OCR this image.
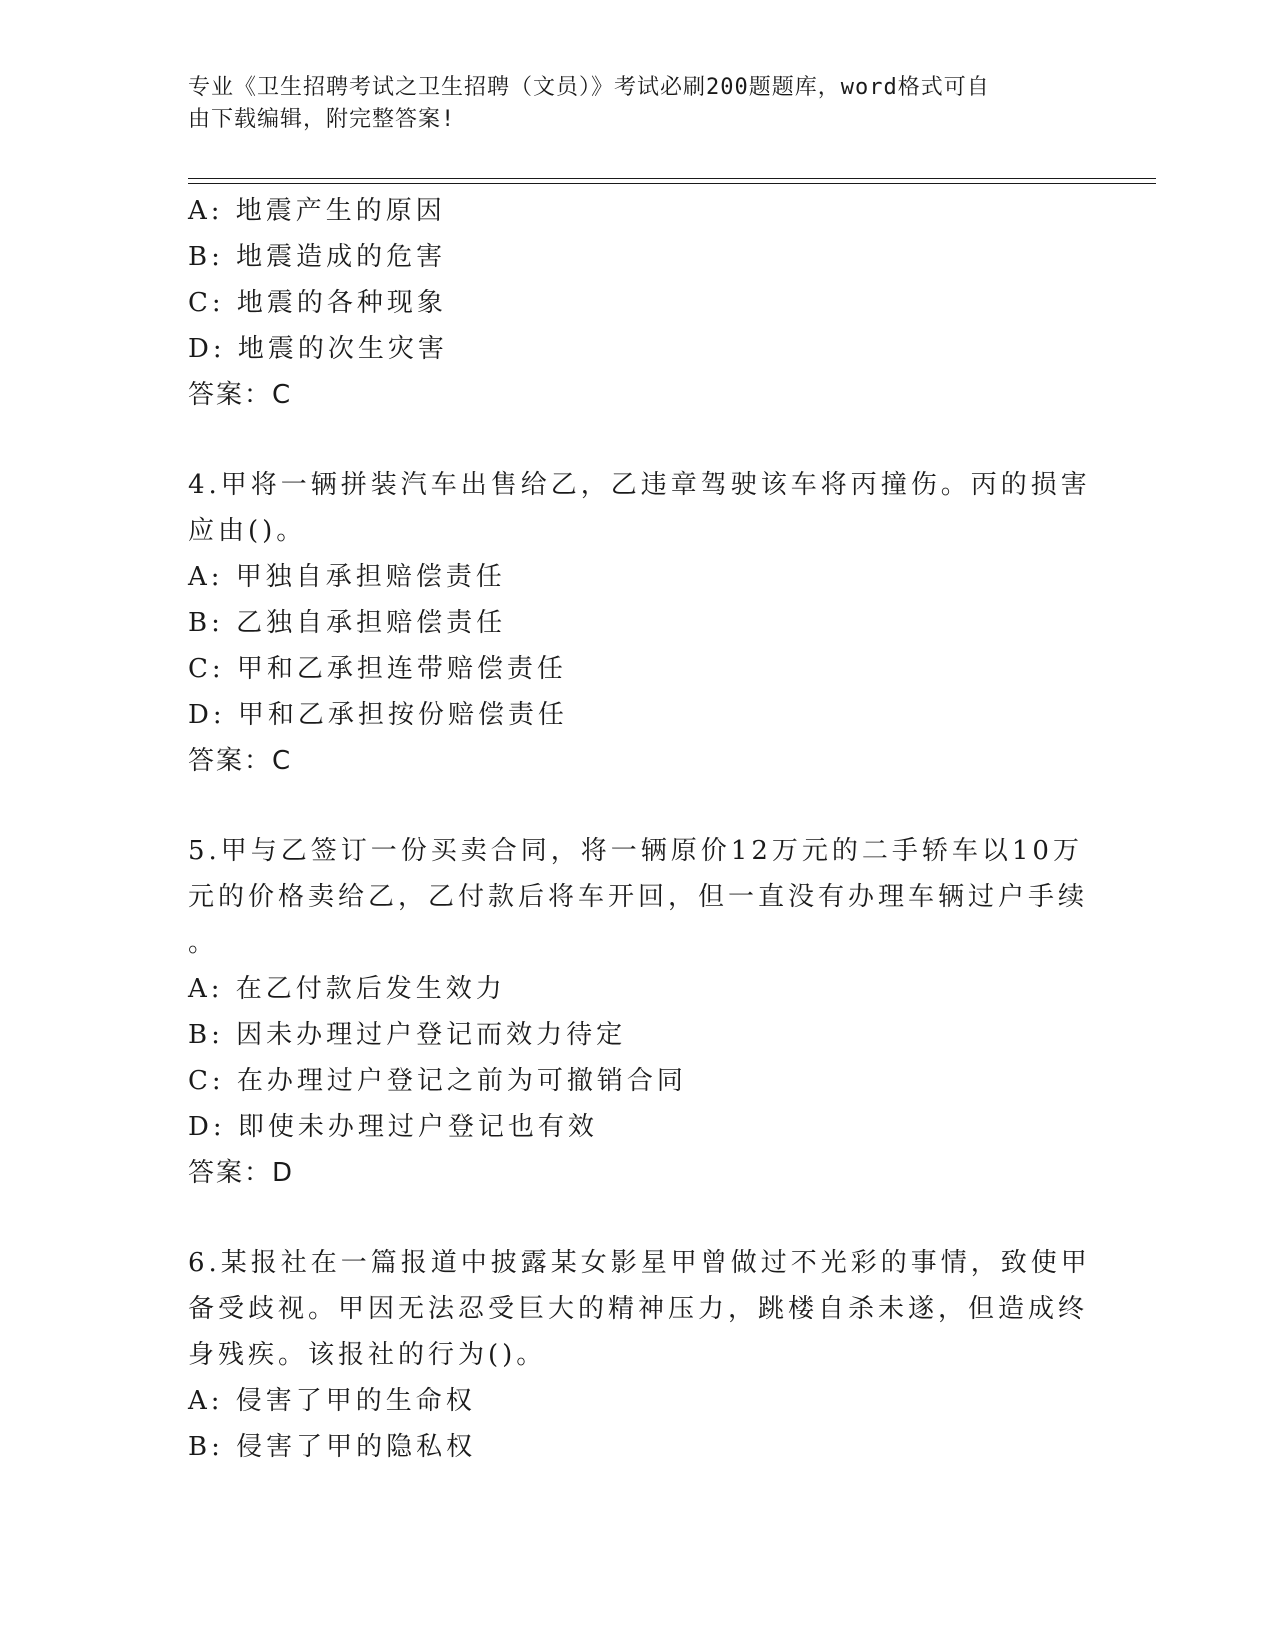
专业《卫生招聘考试之卫生招聘（文员）》考试必刷200题题库，word格式可自
由下载编辑，附完整答案!
A: 地震产生的原因
B: 地震造成的危害
C: 地震的各种现象
D: 地震的次生灾害
答案：C
4.甲将一辆拼装汽车出售给乙，乙违章驾驶该车将丙撞伤。丙的损害
应由()。
A: 甲独自承担赔偿责任
B: 乙独自承担赔偿责任
C: 甲和乙承担连带赔偿责任
D: 甲和乙承担按份赔偿责任
答案：C
5.甲与乙签订一份买卖合同，将一辆原价12万元的二手轿车以10万
元的价格卖给乙，乙付款后将车开回，但一直没有办理车辆过户手续
。
A: 在乙付款后发生效力
B: 因未办理过户登记而效力待定
C: 在办理过户登记之前为可撤销合同
D: 即使未办理过户登记也有效
答案：D
6.某报社在一篇报道中披露某女影星甲曾做过不光彩的事情，致使甲
备受歧视。甲因无法忍受巨大的精神压力，跳楼自杀未遂，但造成终
身残疾。该报社的行为()。
A: 侵害了甲的生命权
B: 侵害了甲的隐私权
